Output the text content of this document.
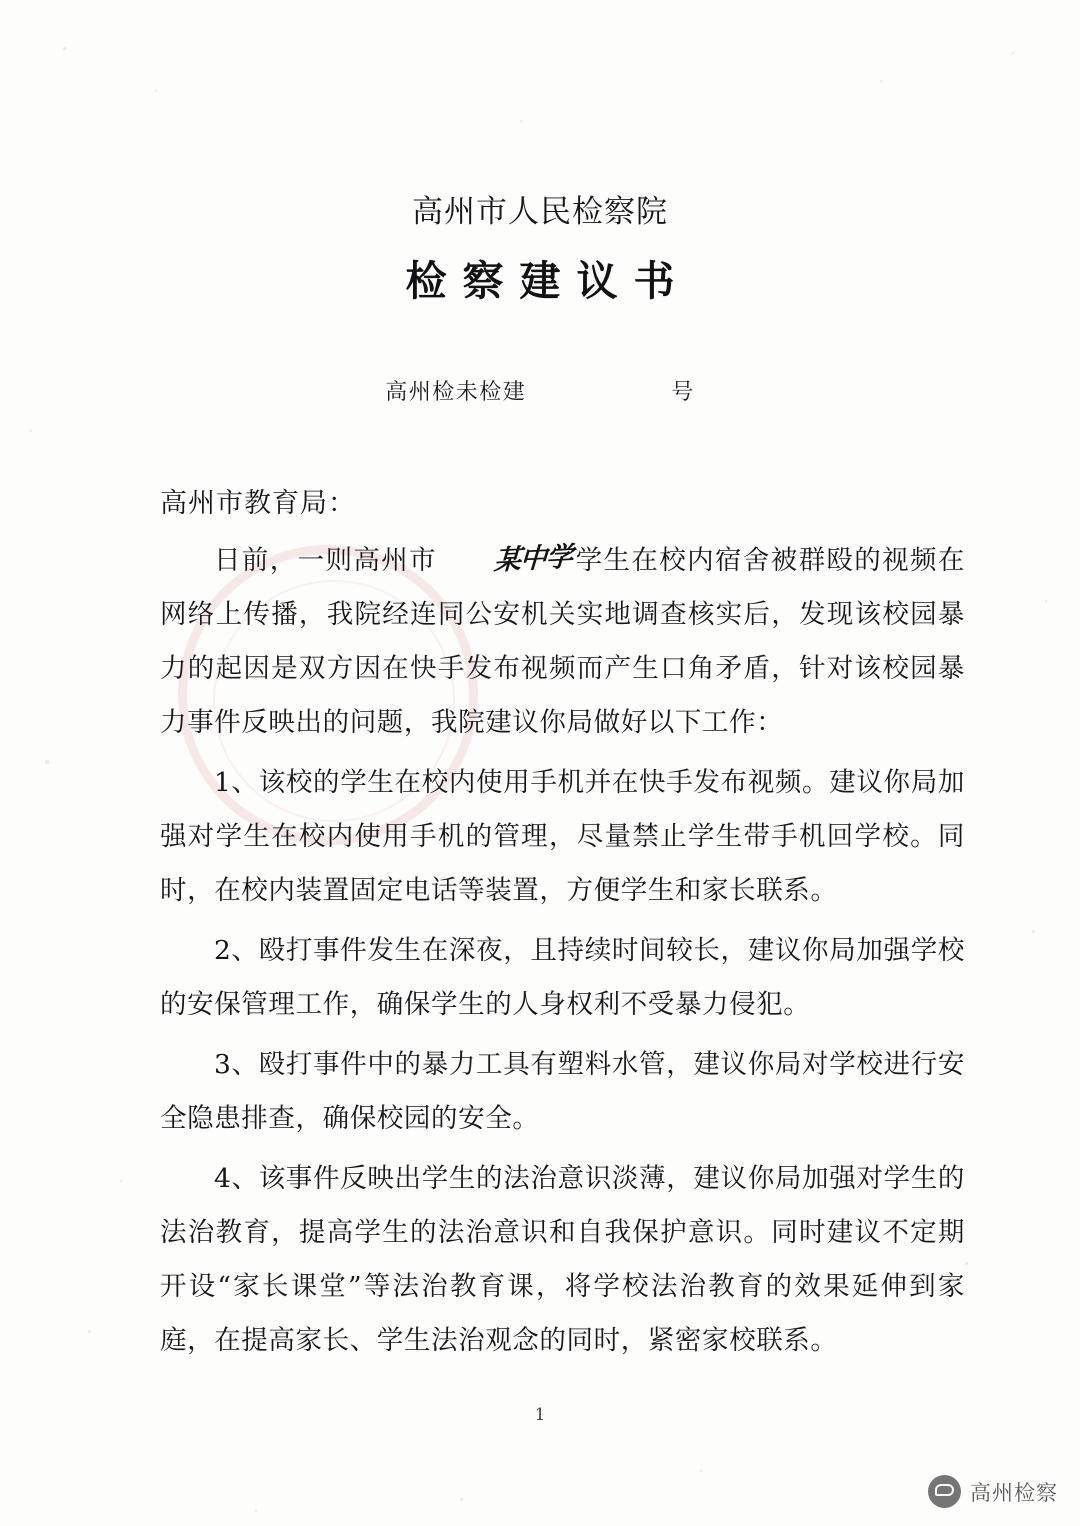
高州市人民检察院
检察建议书
高州检未检建	号
高州市教育局：

日前，一则高州市 某中学学生在校内宿舍被群殴的视频在网络上传播，我院经连同公安机关实地调查核实后，发现该校园暴力的起因是双方因在快手发布视频而产生口角矛盾，针对该校园暴力事件反映出的问题，我院建议你局做好以下工作：

1、该校的学生在校内使用手机并在快手发布视频。建议你局加强对学生在校内使用手机的管理，尽量禁止学生带手机回学校。同时，在校内装置固定电话等装置，方便学生和家长联系。

2、殴打事件发生在深夜，且持续时间较长，建议你局加强学校的安保管理工作，确保学生的人身权利不受暴力侵犯。

3、殴打事件中的暴力工具有塑料水管，建议你局对学校进行安全隐患排查，确保校园的安全。

4、该事件反映出学生的法治意识淡薄，建议你局加强对学生的法治教育，提高学生的法治意识和自我保护意识。同时建议不定期开设“家长课堂”等法治教育课，将学校法治教育的效果延伸到家庭，在提高家长、学生法治观念的同时，紧密家校联系。

1
高州检察
